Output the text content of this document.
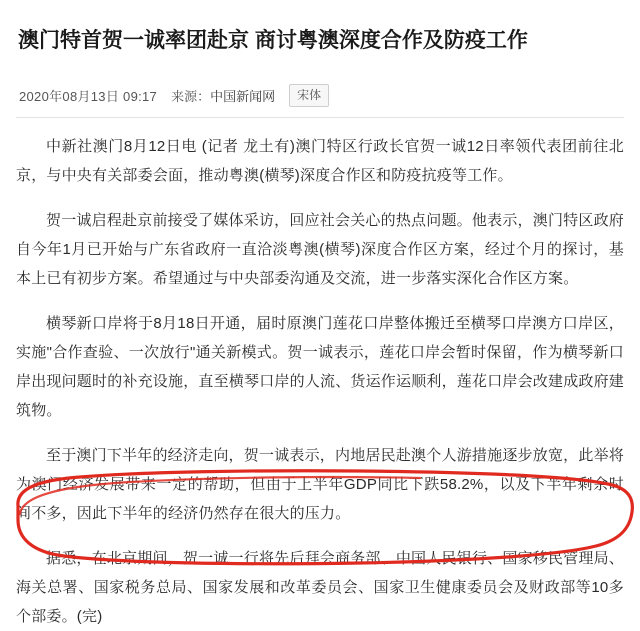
澳门特首贺一诚率团赴京 商讨粤澳深度合作及防疫工作
2020年08月13日 09:17 来源：中国新闻网	宋体

中新社澳门8月12日电 (记者 龙土有)澳门特区行政长官贺一诚12日率领代表团前往北京，与中央有关部委会面，推动粤澳(横琴)深度合作区和防疫抗疫等工作。

贺一诚启程赴京前接受了媒体采访，回应社会关心的热点问题。他表示，澳门特区政府自今年1月已开始与广东省政府一直洽淡粤澳(横琴)深度合作区方案，经过个月的探讨，基本上已有初步方案。希望通过与中央部委沟通及交流，进一步落实深化合作区方案。

横琴新口岸将于8月18日开通，届时原澳门莲花口岸整体搬迁至横琴口岸澳方口岸区，实施"合作查验、一次放行"通关新模式。贺一诚表示，莲花口岸会暂时保留，作为横琴新口岸出现问题时的补充设施，直至横琴口岸的人流、货运作运顺利，莲花口岸会改建成政府建筑物。

至于澳门下半年的经济走向，贺一诚表示，内地居民赴澳个人游措施逐步放宽，此举将为澳门经济发展带来一定的帮助，但由于上半年GDP同比下跌58.2%，以及下半年剩余时间不多，因此下半年的经济仍然存在很大的压力。

据悉，在北京期间，贺一诚一行将先后拜会商务部、中国人民银行、国家移民管理局、海关总署、国家税务总局、国家发展和改革委员会、国家卫生健康委员会及财政部等10多个部委。(完)
